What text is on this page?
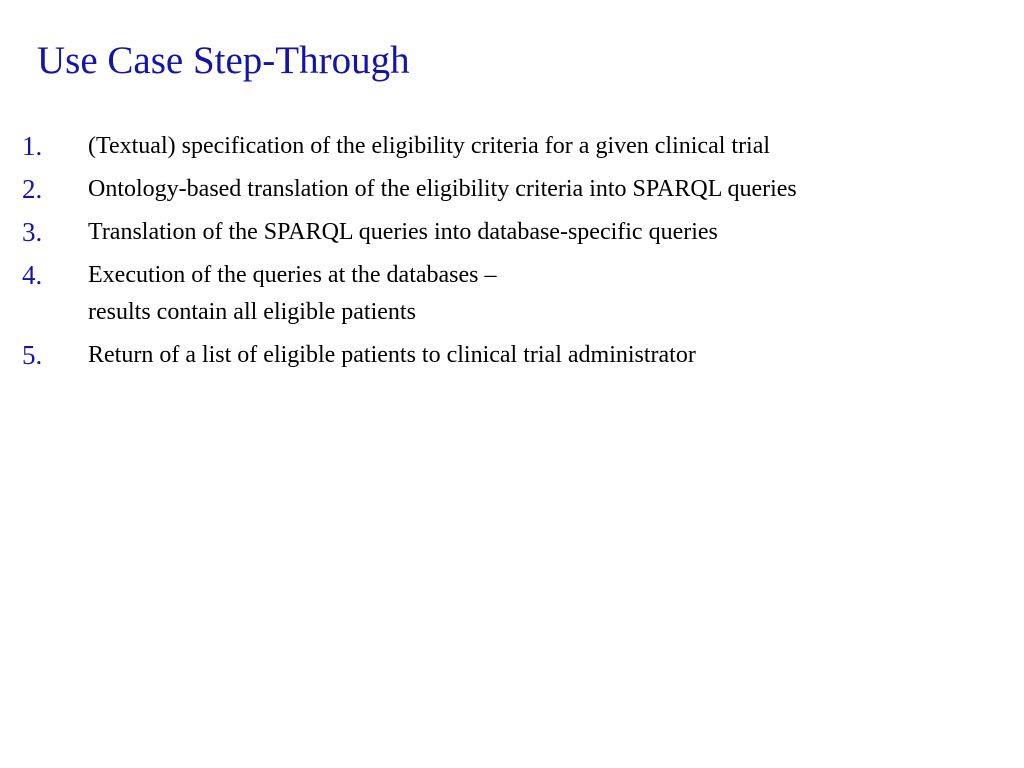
Use Case Step-Through
1. (Textual) specification of the eligibility criteria for a given clinical trial
2. Ontology-based translation of the eligibility criteria into SPARQL queries
3. Translation of the SPARQL queries into database-specific queries
4. Execution of the queries at the databases –
results contain all eligible patients
5. Return of a list of eligible patients to clinical trial administrator
